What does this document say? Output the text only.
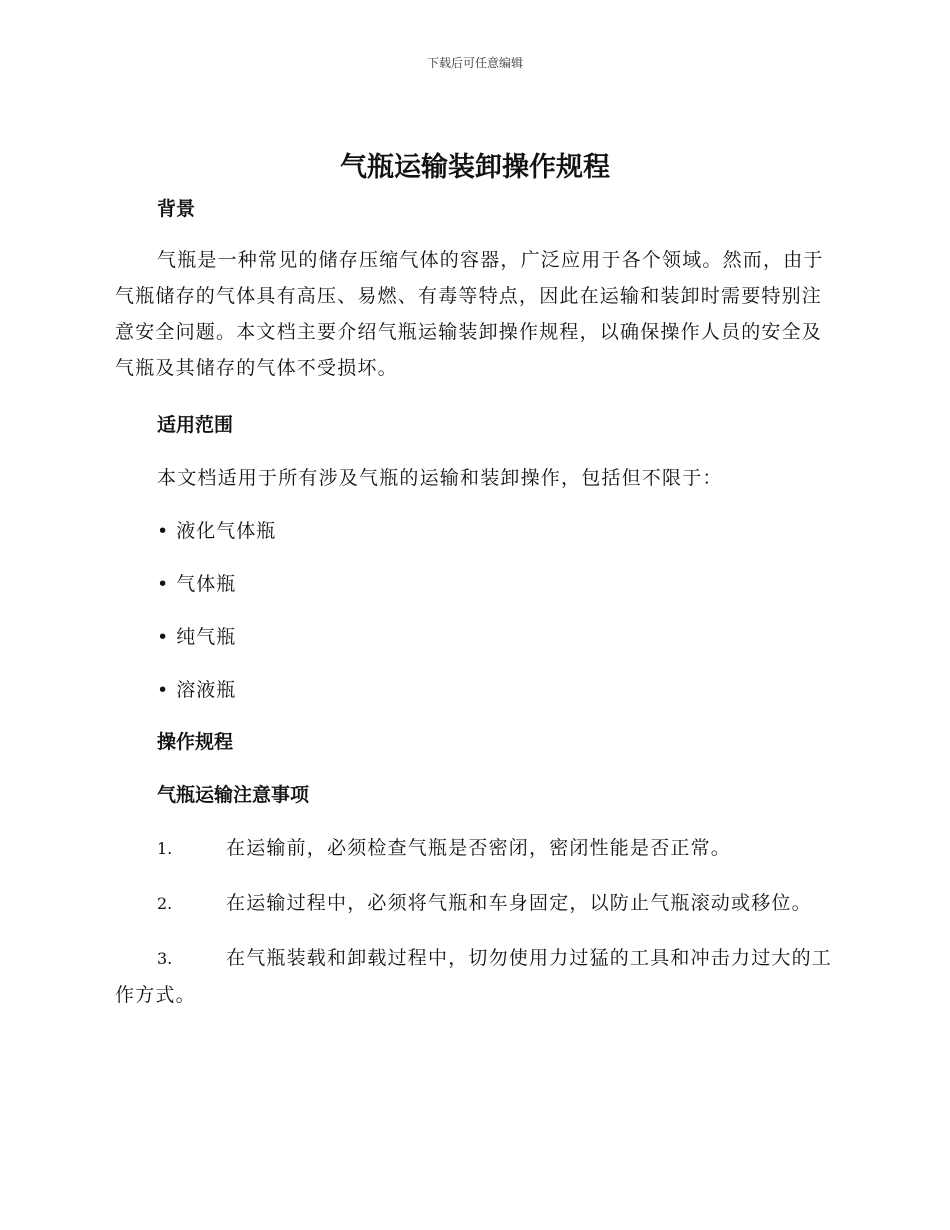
下载后可任意编辑
气瓶运输装卸操作规程
背景

气瓶是一种常见的储存压缩气体的容器，广泛应用于各个领域。然而，由于气瓶储存的气体具有高压、易燃、有毒等特点，因此在运输和装卸时需要特别注意安全问题。本文档主要介绍气瓶运输装卸操作规程，以确保操作人员的安全及气瓶及其储存的气体不受损坏。

适用范围

本文档适用于所有涉及气瓶的运输和装卸操作，包括但不限于：

• 液化气体瓶
• 气体瓶
• 纯气瓶
• 溶液瓶
操作规程
气瓶运输注意事项

1.	在运输前，必须检查气瓶是否密闭，密闭性能是否正常。

2.	在运输过程中，必须将气瓶和车身固定，以防止气瓶滚动或移位。

3.	在气瓶装载和卸载过程中，切勿使用力过猛的工具和冲击力过大的工作方式。
